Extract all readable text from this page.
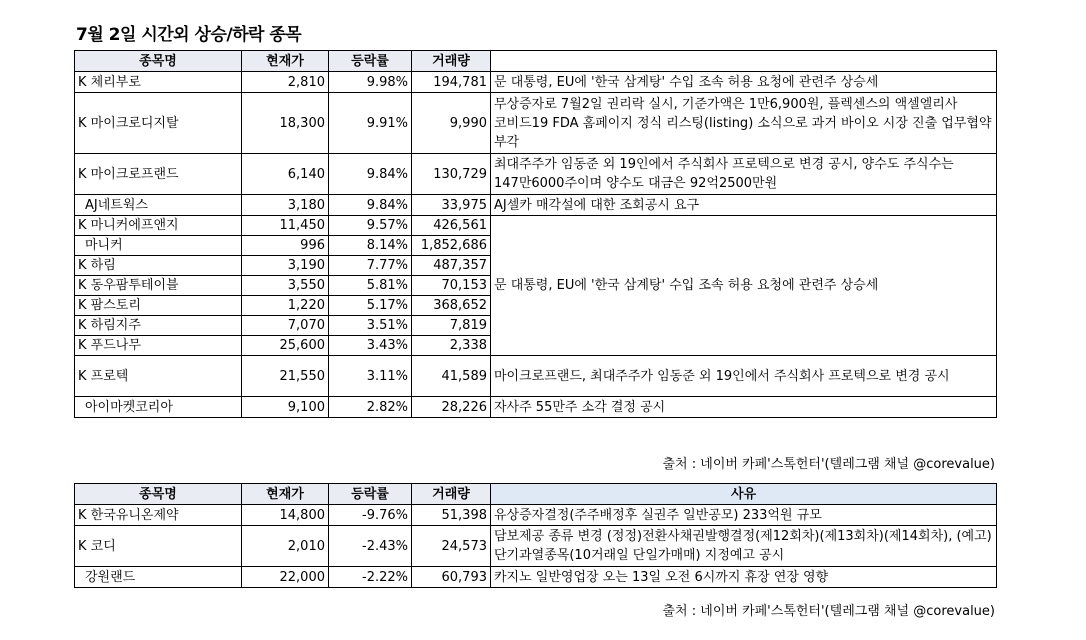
7월 2일 시간외 상승/하락 종목
종목명	현재가	등락률	거래량	
K 체리부로	2,810	9.98%	194,781	문 대통령, EU에 '한국 삼계탕' 수입 조속 허용 요청에 관련주 상승세
K 마이크로디지탈	18,300	9.91%	9,990	무상증자로 7월2일 권리락 실시, 기준가액은 1만6,900원, 플렉센스의 액셀엘리사 코비드19 FDA 홈페이지 정식 리스팅(listing) 소식으로 과거 바이오 시장 진출 업무협약 부각
K 마이크로프랜드	6,140	9.84%	130,729	최대주주가 임동준 외 19인에서 주식회사 프로텍으로 변경 공시, 양수도 주식수는 147만6000주이며 양수도 대금은 92억2500만원
AJ네트웍스	3,180	9.84%	33,975	AJ셀카 매각설에 대한 조회공시 요구
K 마니커에프앤지	11,450	9.57%	426,561	문 대통령, EU에 '한국 삼계탕' 수입 조속 허용 요청에 관련주 상승세
마니커	996	8.14%	1,852,686	
K 하림	3,190	7.77%	487,357	
K 동우팜투테이블	3,550	5.81%	70,153	
K 팜스토리	1,220	5.17%	368,652	
K 하림지주	7,070	3.51%	7,819	
K 푸드나무	25,600	3.43%	2,338	
K 프로텍	21,550	3.11%	41,589	마이크로프랜드, 최대주주가 임동준 외 19인에서 주식회사 프로텍으로 변경 공시
아이마켓코리아	9,100	2.82%	28,226	자사주 55만주 소각 결정 공시
출처 : 네이버 카페'스톡헌터'(텔레그램 채널 @corevalue)
종목명	현재가	등락률	거래량	사유
K 한국유니온제약	14,800	-9.76%	51,398	유상증자결정(주주배정후 실권주 일반공모) 233억원 규모
K 코디	2,010	-2.43%	24,573	담보제공 종류 변경 (정정)전환사채권발행결정(제12회차)(제13회차)(제14회차), (예고)단기과열종목(10거래일 단일가매매) 지정예고 공시
강원랜드	22,000	-2.22%	60,793	카지노 일반영업장 오는 13일 오전 6시까지 휴장 연장 영향
출처 : 네이버 카페'스톡헌터'(텔레그램 채널 @corevalue)
